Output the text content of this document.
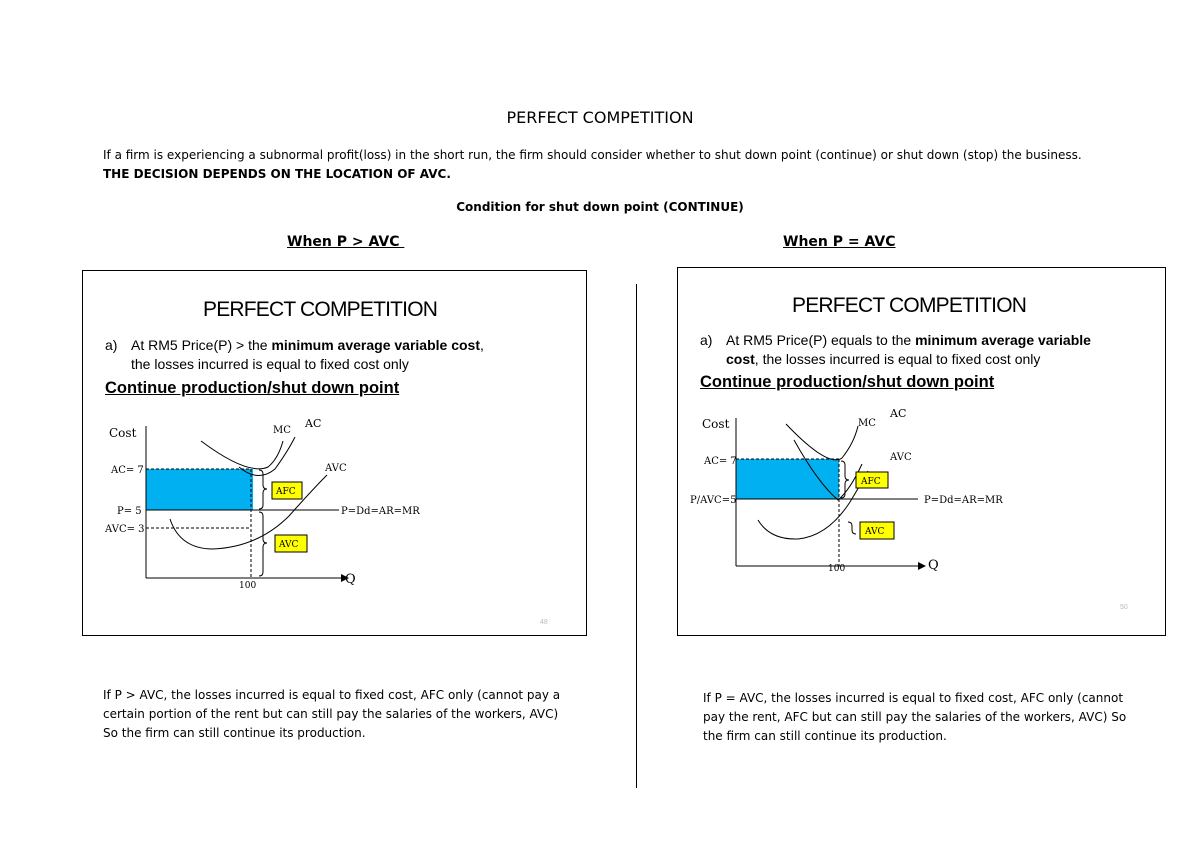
PERFECT COMPETITION
If a firm is experiencing a subnormal profit(loss) in the short run, the firm should consider whether to shut down point (continue) or shut down (stop) the business. THE DECISION DEPENDS ON THE LOCATION OF AVC.
Condition for shut down point (CONTINUE)
When P > AVC	When P = AVC
PERFECT COMPETITION
a) At RM5 Price(P) > the minimum average variable cost,
the losses incurred is equal to fixed cost only
Continue production/shut down point
Cost
AC= 7
P= 5
AVC= 3
MC
AC
AVC
P=Dd=AR=MR
AFC
AVC
100	Q
48
PERFECT COMPETITION
a) At RM5 Price(P) equals to the minimum average variable
cost, the losses incurred is equal to fixed cost only
Continue production/shut down point
Cost
AC= 7
P/AVC=5
MC
AC
AVC
P=Dd=AR=MR
AFC
AVC
100	Q
50
If P > AVC, the losses incurred is equal to fixed cost, AFC only (cannot pay a
certain portion of the rent but can still pay the salaries of the workers, AVC)
So the firm can still continue its production.
If P = AVC, the losses incurred is equal to fixed cost, AFC only (cannot
pay the rent, AFC but can still pay the salaries of the workers, AVC) So
the firm can still continue its production.
